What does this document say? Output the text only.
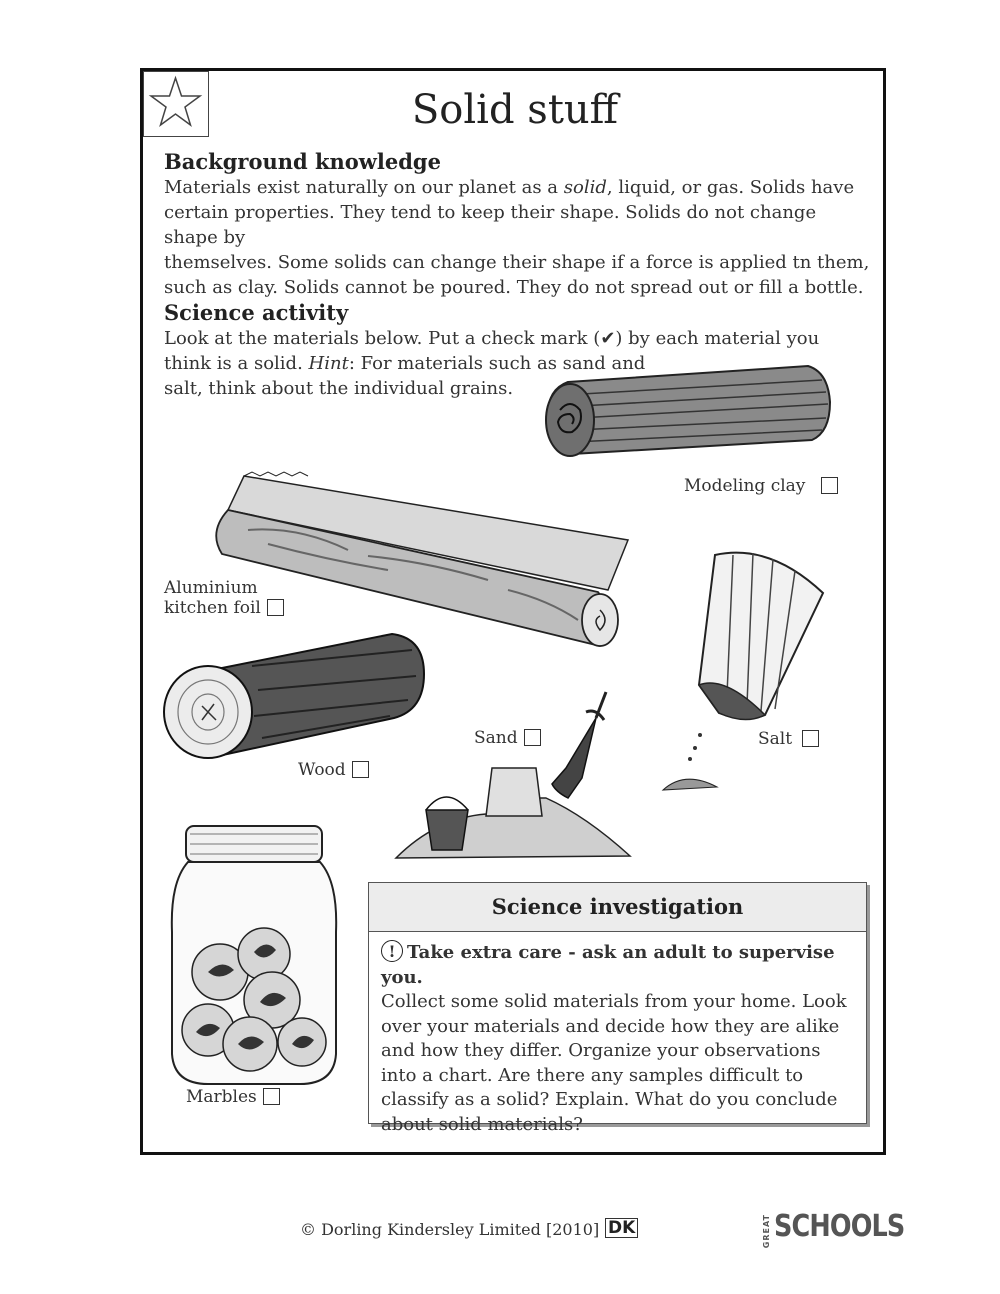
Solid stuff
Background knowledge
Materials exist naturally on our planet as a solid, liquid, or gas. Solids have
certain properties. They tend to keep their shape. Solids do not change shape by
themselves. Some solids can change their shape if a force is applied tn them,
such as clay. Solids cannot be poured. They do not spread out or fill a bottle.
Science activity
Look at the materials below. Put a check mark (✔) by each material you
think is a solid. Hint: For materials such as sand and
salt, think about the individual grains.
Modeling clay
Aluminium
kitchen foil
Salt
Wood
Sand
Marbles
Science investigation
! Take extra care - ask an adult to supervise you.
Collect some solid materials from your home. Look over your materials and decide how they are alike and how they differ. Organize your observations into a chart. Are there any samples difficult to classify as a solid? Explain. What do you conclude about solid materials?
© Dorling Kindersley Limited [2010] DK	GREAT SCHOOLS
